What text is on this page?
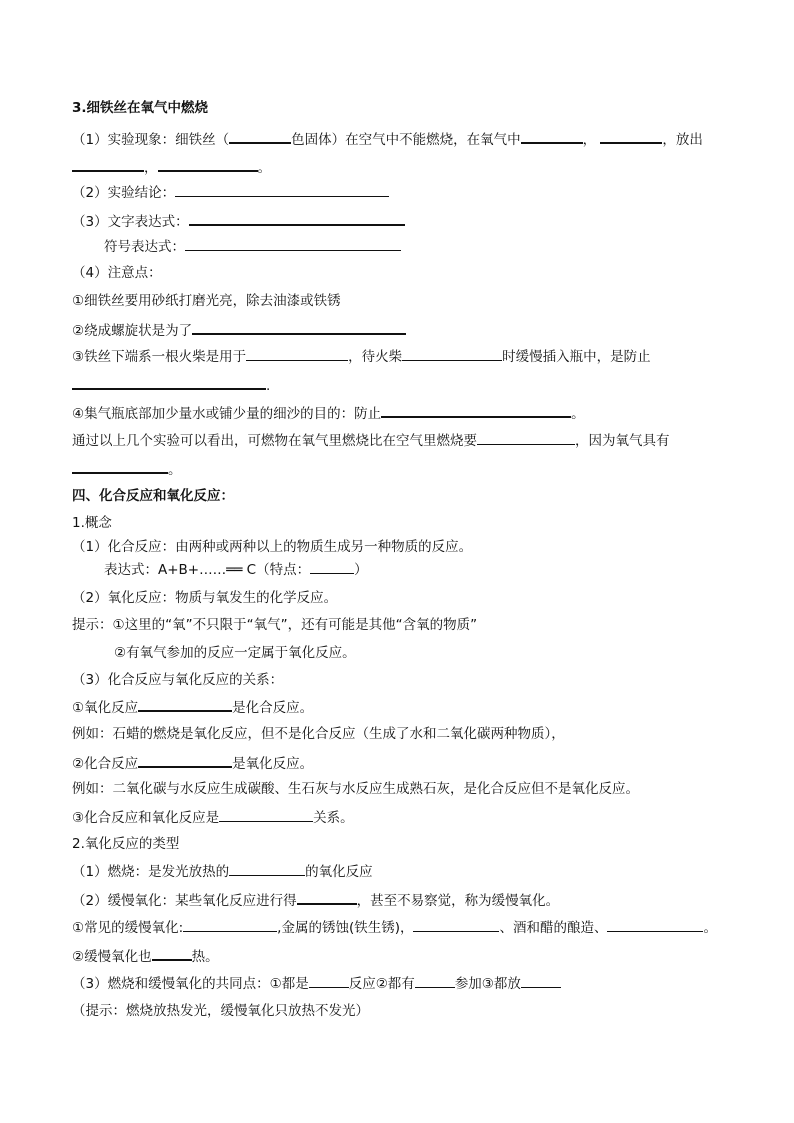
3.细铁丝在氧气中燃烧
（1）实验现象：细铁丝（	色固体）在空气中不能燃烧，在氧气中	，	，放出
，	。
（2）实验结论：
（3）文字表达式：
符号表达式：
（4）注意点：
①细铁丝要用砂纸打磨光亮，除去油漆或铁锈
②绕成螺旋状是为了
③铁丝下端系一根火柴是用于	，待火柴	时缓慢插入瓶中，是防止
.
④集气瓶底部加少量水或铺少量的细沙的目的：防止	。
通过以上几个实验可以看出，可燃物在氧气里燃烧比在空气里燃烧要	，因为氧气具有
。
四、化合反应和氧化反应：
1.概念
（1）化合反应：由两种或两种以上的物质生成另一种物质的反应。
表达式：A+B+……══ C（特点：	）
（2）氧化反应：物质与氧发生的化学反应。
提示：①这里的“氧”不只限于“氧气”，还有可能是其他“含氧的物质”
②有氧气参加的反应一定属于氧化反应。
（3）化合反应与氧化反应的关系：
①氧化反应	是化合反应。
例如：石蜡的燃烧是氧化反应，但不是化合反应（生成了水和二氧化碳两种物质），
②化合反应	是氧化反应。
例如：二氧化碳与水反应生成碳酸、生石灰与水反应生成熟石灰，是化合反应但不是氧化反应。
③化合反应和氧化反应是	关系。
2.氧化反应的类型
（1）燃烧：是发光放热的	的氧化反应
（2）缓慢氧化：某些氧化反应进行得	，甚至不易察觉，称为缓慢氧化。
①常见的缓慢氧化:	,金属的锈蚀(铁生锈)，	、酒和醋的酿造、	。
②缓慢氧化也	热。
（3）燃烧和缓慢氧化的共同点：①都是	反应②都有	参加③都放
（提示：燃烧放热发光，缓慢氧化只放热不发光）
